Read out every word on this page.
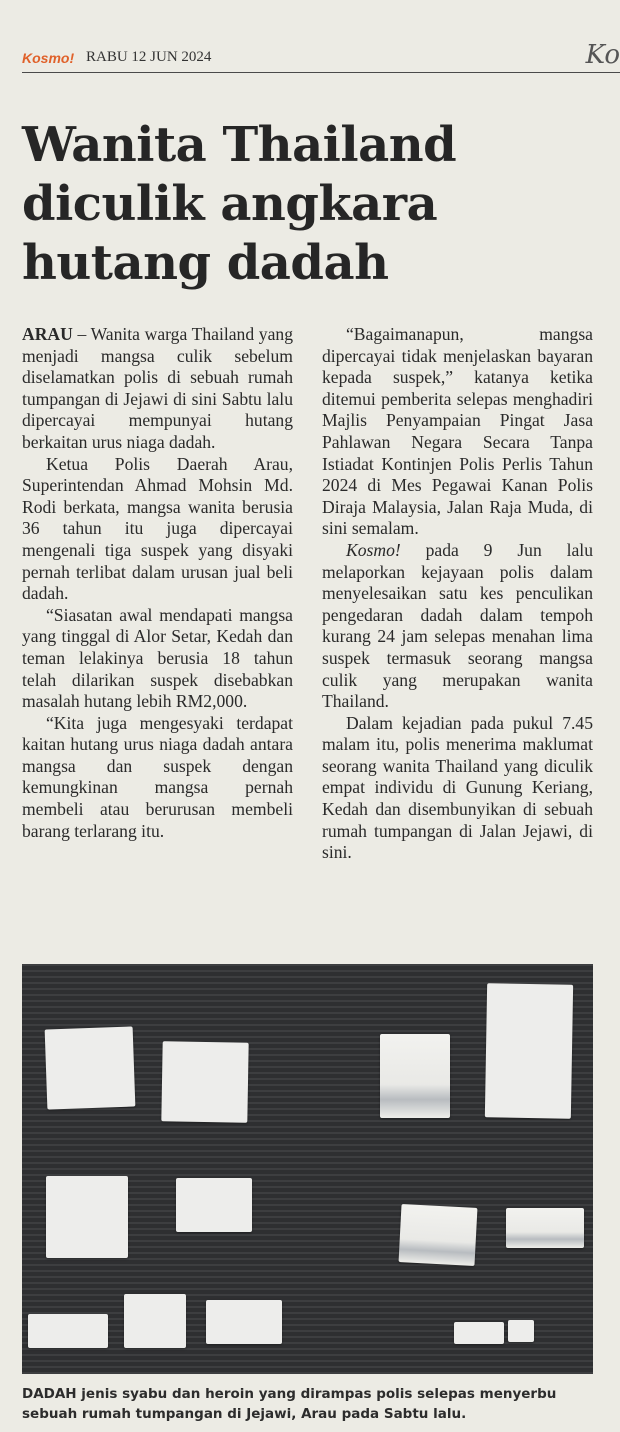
Kosmo! RABU 12 JUN 2024	Ko
Wanita Thailand diculik angkara hutang dadah

ARAU – Wanita warga Thailand yang menjadi mangsa culik sebelum diselamatkan polis di sebuah rumah tumpangan di Jejawi di sini Sabtu lalu dipercayai mempunyai hutang berkaitan urus niaga dadah.

Ketua Polis Daerah Arau, Superintendan Ahmad Mohsin Md. Rodi berkata, mangsa wanita berusia 36 tahun itu juga dipercayai mengenali tiga suspek yang disyaki pernah terlibat dalam urusan jual beli dadah.

“Siasatan awal mendapati mangsa yang tinggal di Alor Setar, Kedah dan teman lelakinya berusia 18 tahun telah dilarikan suspek disebabkan masalah hutang lebih RM2,000.

“Kita juga mengesyaki terdapat kaitan hutang urus niaga dadah antara mangsa dan suspek dengan kemungkinan mangsa pernah membeli atau berurusan membeli barang terlarang itu.

“Bagaimanapun, mangsa dipercayai tidak menjelaskan bayaran kepada suspek,” katanya ketika ditemui pemberita selepas menghadiri Majlis Penyampaian Pingat Jasa Pahlawan Negara Secara Tanpa Istiadat Kontinjen Polis Perlis Tahun 2024 di Mes Pegawai Kanan Polis Diraja Malaysia, Jalan Raja Muda, di sini semalam.

Kosmo! pada 9 Jun lalu melaporkan kejayaan polis dalam menyelesaikan satu kes penculikan pengedaran dadah dalam tempoh kurang 24 jam selepas menahan lima suspek termasuk seorang mangsa culik yang merupakan wanita Thailand.

Dalam kejadian pada pukul 7.45 malam itu, polis menerima maklumat seorang wanita Thailand yang diculik empat individu di Gunung Keriang, Kedah dan disembunyikan di sebuah rumah tumpangan di Jalan Jejawi, di sini.

DADAH jenis syabu dan heroin yang dirampas polis selepas menyerbu sebuah rumah tumpangan di Jejawi, Arau pada Sabtu lalu.
